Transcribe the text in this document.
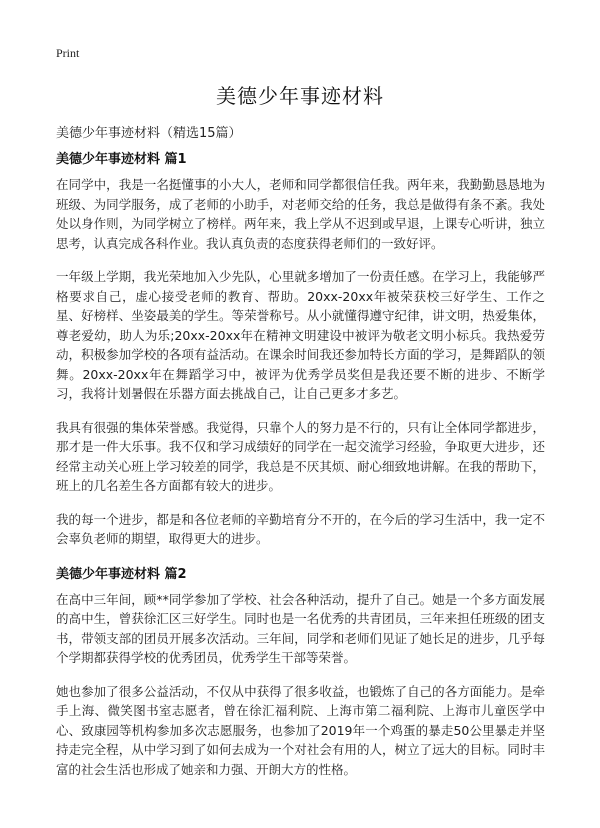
Print
美德少年事迹材料
美德少年事迹材料（精选15篇）
美德少年事迹材料 篇1

在同学中，我是一名挺懂事的小大人，老师和同学都很信任我。两年来，我勤勤恳恳地为班级、为同学服务，成了老师的小助手，对老师交给的任务，我总是做得有条不紊。我处处以身作则，为同学树立了榜样。两年来，我上学从不迟到或早退，上课专心听讲，独立思考，认真完成各科作业。我认真负责的态度获得老师们的一致好评。

一年级上学期，我光荣地加入少先队，心里就多增加了一份责任感。在学习上，我能够严格要求自己，虚心接受老师的教育、帮助。20xx-20xx年被荣获校三好学生、工作之星、好榜样、坐姿最美的学生。等荣誉称号。从小就懂得遵守纪律，讲文明，热爱集体，尊老爱幼，助人为乐;20xx-20xx年在精神文明建设中被评为敬老文明小标兵。我热爱劳动，积极参加学校的各项有益活动。在课余时间我还参加特长方面的学习，是舞蹈队的领舞。20xx-20xx年在舞蹈学习中，被评为优秀学员奖但是我还要不断的进步、不断学习，我将计划暑假在乐器方面去挑战自己，让自己更多才多艺。

我具有很强的集体荣誉感。我觉得，只靠个人的努力是不行的，只有让全体同学都进步，那才是一件大乐事。我不仅和学习成绩好的同学在一起交流学习经验，争取更大进步，还经常主动关心班上学习较差的同学，我总是不厌其烦、耐心细致地讲解。在我的帮助下，班上的几名差生各方面都有较大的进步。

我的每一个进步，都是和各位老师的辛勤培育分不开的，在今后的学习生活中，我一定不会辜负老师的期望，取得更大的进步。

美德少年事迹材料 篇2

在高中三年间，顾**同学参加了学校、社会各种活动，提升了自己。她是一个多方面发展的高中生，曾获徐汇区三好学生。同时也是一名优秀的共青团员，三年来担任班级的团支书，带领支部的团员开展多次活动。三年间，同学和老师们见证了她长足的进步，几乎每个学期都获得学校的优秀团员，优秀学生干部等荣誉。

她也参加了很多公益活动，不仅从中获得了很多收益，也锻炼了自己的各方面能力。是牵手上海、微笑图书室志愿者，曾在徐汇福利院、上海市第二福利院、上海市儿童医学中心、致康园等机构参加多次志愿服务，也参加了2019年一个鸡蛋的暴走50公里暴走并坚持走完全程，从中学习到了如何去成为一个对社会有用的人，树立了远大的目标。同时丰富的社会生活也形成了她亲和力强、开朗大方的性格。
